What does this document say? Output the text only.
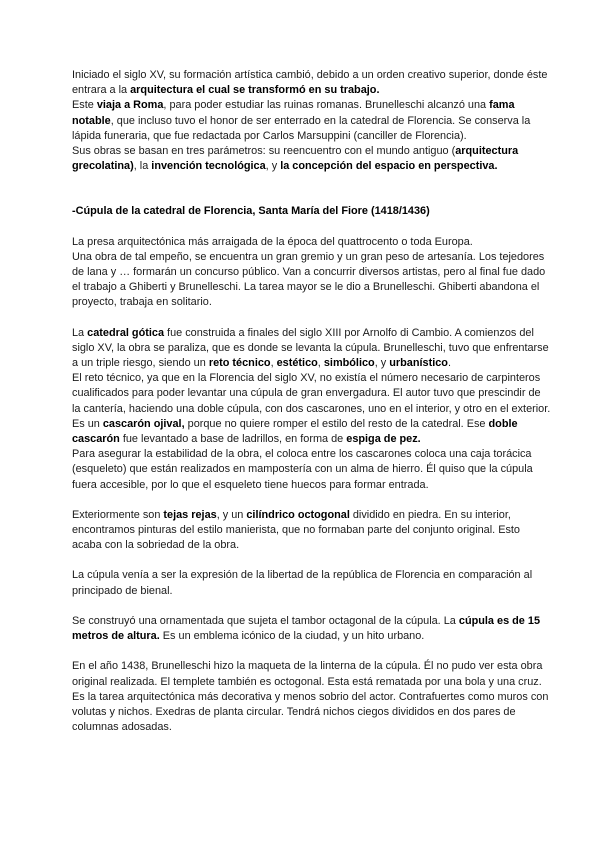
Iniciado el siglo XV, su formación artística cambió, debido a un orden creativo superior, donde éste entrara a la arquitectura el cual se transformó en su trabajo.

Este viaja a Roma, para poder estudiar las ruinas romanas. Brunelleschi alcanzó una fama notable, que incluso tuvo el honor de ser enterrado en la catedral de Florencia. Se conserva la lápida funeraria, que fue redactada por Carlos Marsuppini (canciller de Florencia).

Sus obras se basan en tres parámetros: su reencuentro con el mundo antiguo (arquitectura grecolatina), la invención tecnológica, y la concepción del espacio en perspectiva.

-Cúpula de la catedral de Florencia, Santa María del Fiore (1418/1436)

La presa arquitectónica más arraigada de la época del quattrocento o toda Europa.

Una obra de tal empeño, se encuentra un gran gremio y un gran peso de artesanía. Los tejedores de lana y … formarán un concurso público. Van a concurrir diversos artistas, pero al final fue dado el trabajo a Ghiberti y Brunelleschi. La tarea mayor se le dio a Brunelleschi. Ghiberti abandona el proyecto, trabaja en solitario.

La catedral gótica fue construida a finales del siglo XIII por Arnolfo di Cambio. A comienzos del siglo XV, la obra se paraliza, que es donde se levanta la cúpula. Brunelleschi, tuvo que enfrentarse a un triple riesgo, siendo un reto técnico, estético, simbólico, y urbanístico.

El reto técnico, ya que en la Florencia del siglo XV, no existía el número necesario de carpinteros cualificados para poder levantar una cúpula de gran envergadura. El autor tuvo que prescindir de la cantería, haciendo una doble cúpula, con dos cascarones, uno en el interior, y otro en el exterior. Es un cascarón ojival, porque no quiere romper el estilo del resto de la catedral. Ese doble cascarón fue levantado a base de ladrillos, en forma de espiga de pez.

Para asegurar la estabilidad de la obra, el coloca entre los cascarones coloca una caja torácica (esqueleto) que están realizados en mampostería con un alma de hierro. Él quiso que la cúpula fuera accesible, por lo que el esqueleto tiene huecos para formar entrada.

Exteriormente son tejas rejas, y un cilíndrico octogonal dividido en piedra. En su interior, encontramos pinturas del estilo manierista, que no formaban parte del conjunto original. Esto acaba con la sobriedad de la obra.

La cúpula venía a ser la expresión de la libertad de la república de Florencia en comparación al principado de bienal.

Se construyó una ornamentada que sujeta el tambor octagonal de la cúpula. La cúpula es de 15 metros de altura. Es un emblema icónico de la ciudad, y un hito urbano.

En el año 1438, Brunelleschi hizo la maqueta de la linterna de la cúpula. Él no pudo ver esta obra original realizada. El templete también es octogonal. Esta está rematada por una bola y una cruz.

Es la tarea arquitectónica más decorativa y menos sobrio del actor. Contrafuertes como muros con volutas y nichos. Exedras de planta circular. Tendrá nichos ciegos divididos en dos pares de columnas adosadas.
